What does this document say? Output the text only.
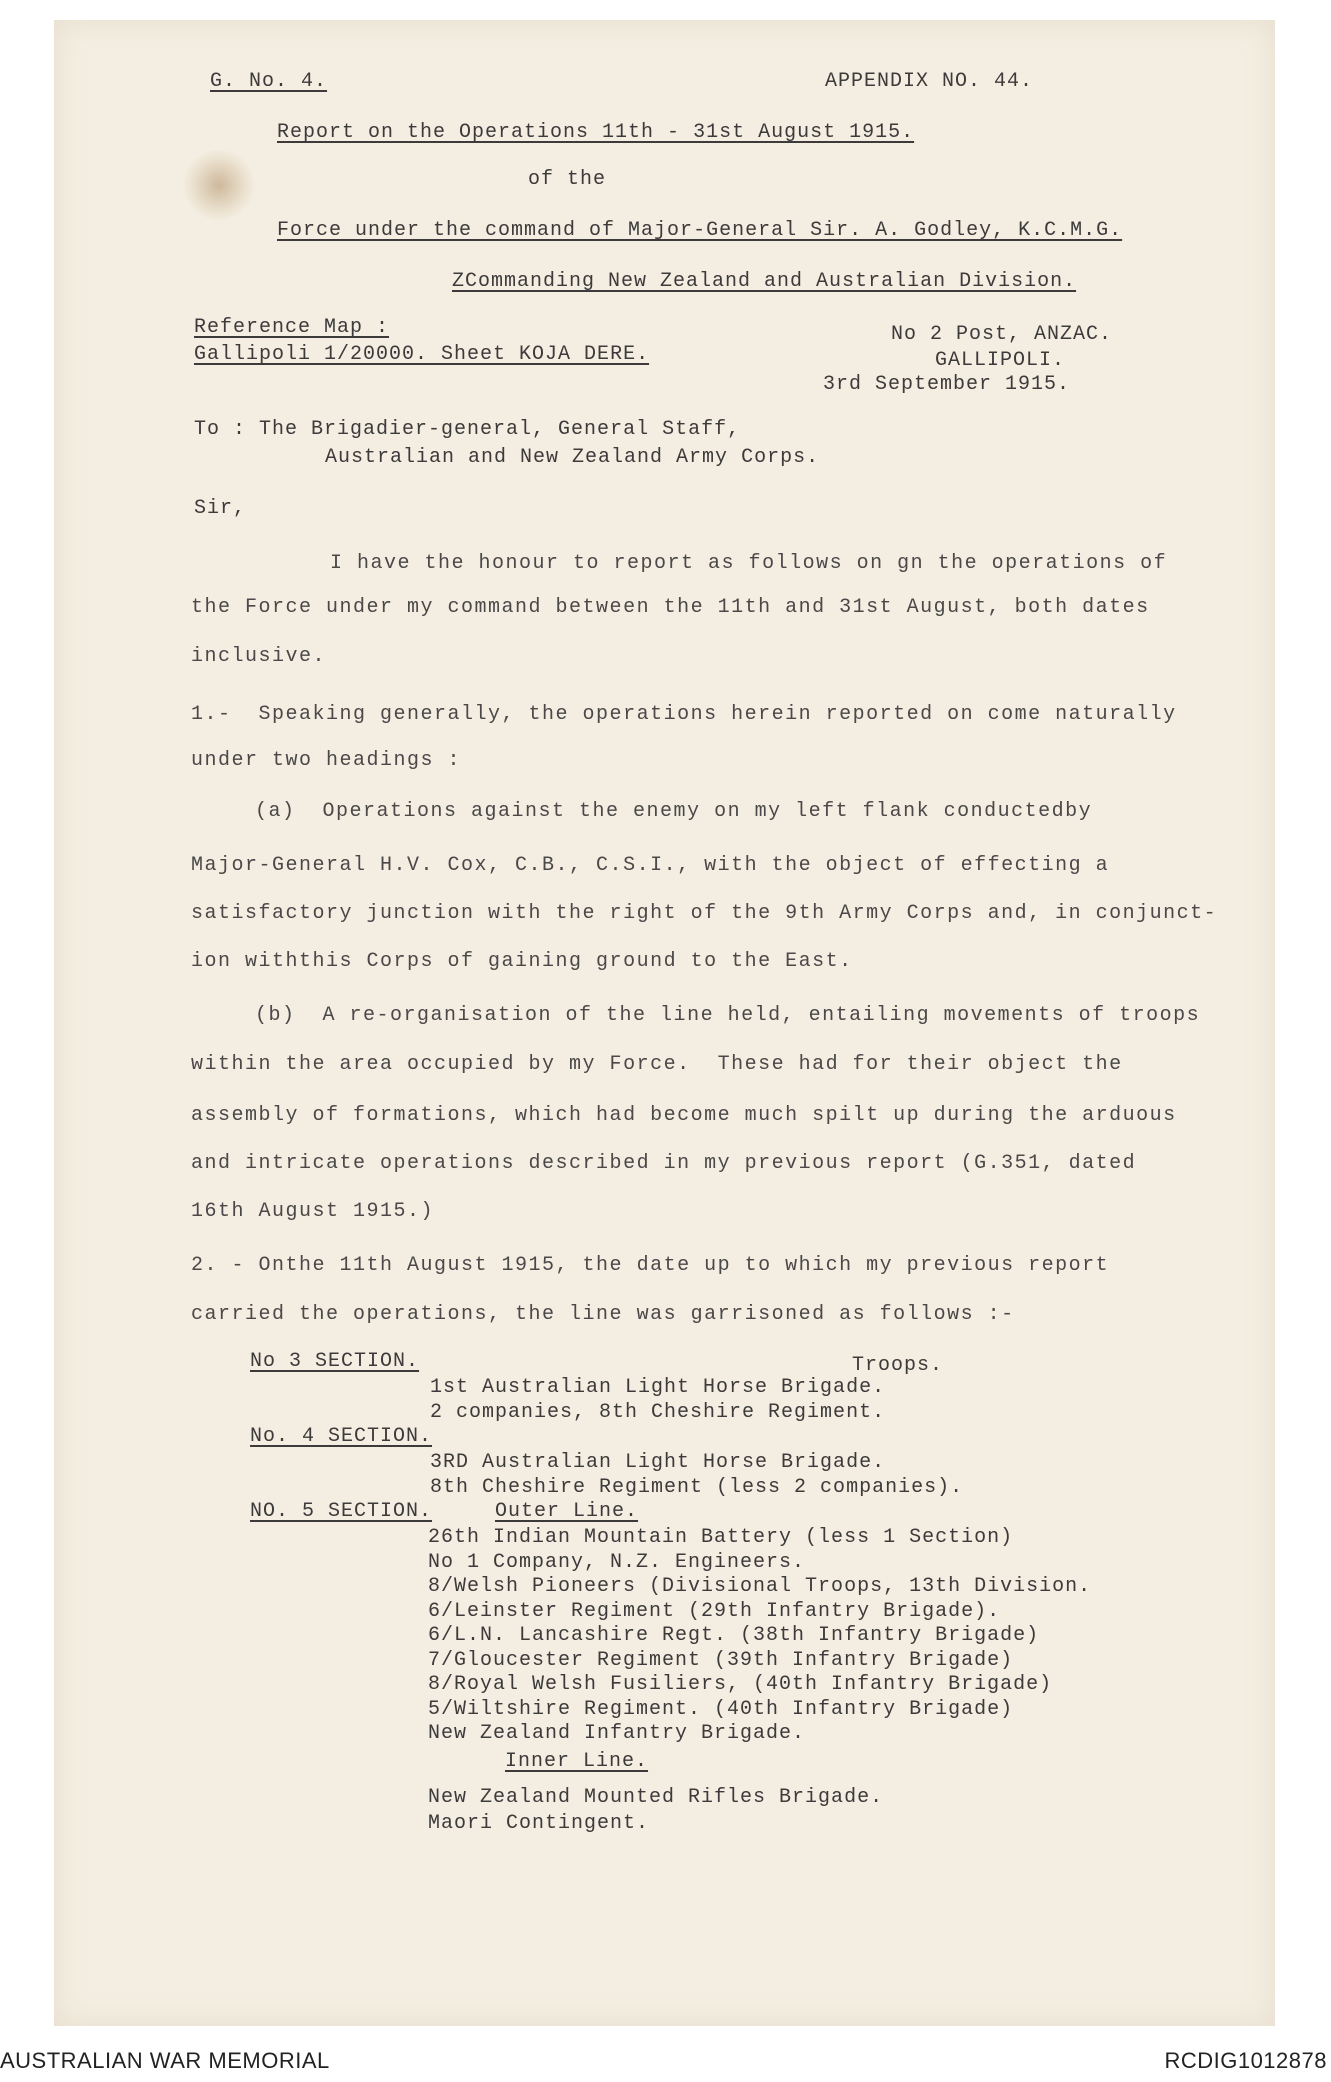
G. No. 4.	APPENDIX NO. 44.
Report on the Operations 11th - 31st August 1915.
of the
Force under the command of Major-General Sir. A. Godley, K.C.M.G.
ZCommanding New Zealand and Australian Division.
Reference Map :
Gallipoli 1/20000. Sheet KOJA DERE.
No 2 Post, ANZAC.
GALLIPOLI.
3rd September 1915.
To : The Brigadier-general, General Staff,
Australian and New Zealand Army Corps.
Sir,
I have the honour to report as follows on gn the operations of
the Force under my command between the 11th and 31st August, both dates
inclusive.
1.-  Speaking generally, the operations herein reported on come naturally
under two headings :
(a)  Operations against the enemy on my left flank conductedby
Major-General H.V. Cox, C.B., C.S.I., with the object of effecting a
satisfactory junction with the right of the 9th Army Corps and, in conjunct-
ion withthis Corps of gaining ground to the East.
(b)  A re-organisation of the line held, entailing movements of troops
within the area occupied by my Force.  These had for their object the
assembly of formations, which had become much spilt up during the arduous
and intricate operations described in my previous report (G.351, dated
16th August 1915.)
2. - Onthe 11th August 1915, the date up to which my previous report
carried the operations, the line was garrisoned as follows :-
Troops.
No 3 SECTION.
1st Australian Light Horse Brigade.
2 companies, 8th Cheshire Regiment.
No. 4 SECTION.
3RD Australian Light Horse Brigade.
8th Cheshire Regiment (less 2 companies).
NO. 5 SECTION.	Outer Line.
26th Indian Mountain Battery (less 1 Section)
No 1 Company, N.Z. Engineers.
8/Welsh Pioneers (Divisional Troops, 13th Division.
6/Leinster Regiment (29th Infantry Brigade).
6/L.N. Lancashire Regt. (38th Infantry Brigade)
7/Gloucester Regiment (39th Infantry Brigade)
8/Royal Welsh Fusiliers, (40th Infantry Brigade)
5/Wiltshire Regiment. (40th Infantry Brigade)
New Zealand Infantry Brigade.
Inner Line.
New Zealand Mounted Rifles Brigade.
Maori Contingent.
AUSTRALIAN WAR MEMORIAL	RCDIG1012878
